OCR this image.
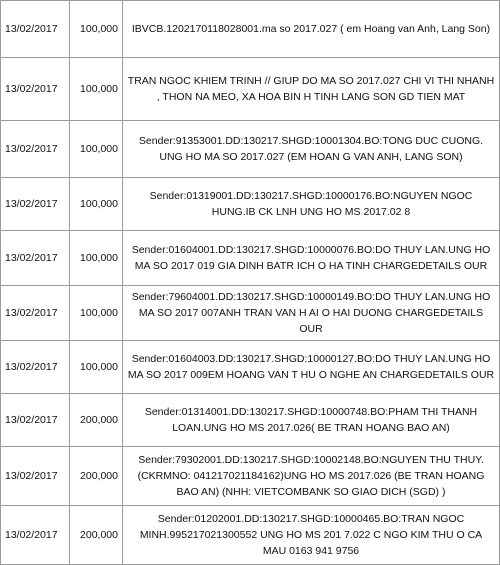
13/02/2017	100,000	IBVCB.1202170118028001.ma so 2017.027 ( em Hoang van Anh, Lang Son)
13/02/2017	100,000	TRAN NGOC KHIEM TRINH // GIUP DO MA SO 2017.027 CHI VI THI NHANH , THON NA MEO, XA HOA BIN H TINH LANG SON GD TIEN MAT
13/02/2017	100,000	Sender:91353001.DD:130217.SHGD:10001304.BO:TONG DUC CUONG. UNG HO MA SO 2017.027 (EM HOAN G VAN ANH, LANG SON)
13/02/2017	100,000	Sender:01319001.DD:130217.SHGD:10000176.BO:NGUYEN NGOC HUNG.IB CK LNH UNG HO MS 2017.02 8
13/02/2017	100,000	Sender:01604001.DD:130217.SHGD:10000076.BO:DO THUY LAN.UNG HO MA SO 2017 019 GIA DINH BATR ICH O HA TINH CHARGEDETAILS OUR
13/02/2017	100,000	Sender:79604001.DD:130217.SHGD:10000149.BO:DO THUY LAN.UNG HO MA SO 2017 007ANH TRAN VAN H AI O HAI DUONG CHARGEDETAILS OUR
13/02/2017	100,000	Sender:01604003.DD:130217.SHGD:10000127.BO:DO THUY LAN.UNG HO MA SO 2017 009EM HOANG VAN T HU O NGHE AN CHARGEDETAILS OUR
13/02/2017	200,000	Sender:01314001.DD:130217.SHGD:10000748.BO:PHAM THI THANH LOAN.UNG HO MS 2017.026( BE TRAN HOANG BAO AN)
13/02/2017	200,000	Sender:79302001.DD:130217.SHGD:10002148.BO:NGUYEN THU THUY.(CKRMNO: 0412170211841​62)UNG HO MS 2017.026 (BE TRAN HOANG BAO AN) (NHH: VIETCOMBANK SO GIAO DICH (SGD) )
13/02/2017	200,000	Sender:01202001.DD:130217.SHGD:10000465.BO:TRAN NGOC MINH.995217021300552 UNG HO MS 201 7.022 C NGO KIM THU O CA MAU 0163 941 9756
